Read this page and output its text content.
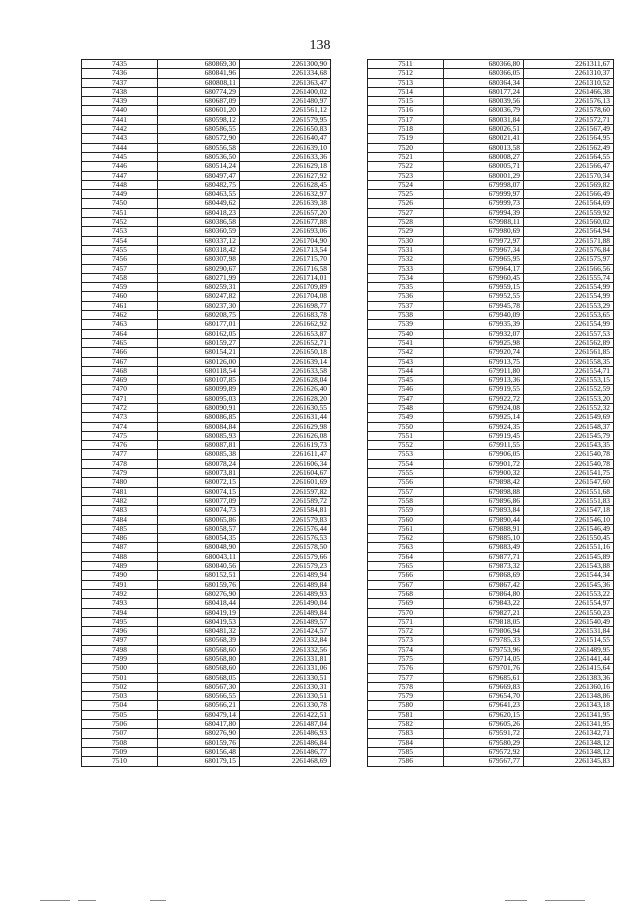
138
7435	680869,30	2261300,90
7436	680841,96	2261334,68
7437	680808,11	2261363,47
7438	680774,29	2261400,02
7439	680687,09	2261480,97
7440	680601,20	2261561,12
7441	680598,12	2261579,95
7442	680586,55	2261650,83
7443	680572,90	2261640,47
7444	680556,58	2261639,10
7445	680536,50	2261633,36
7446	680514,24	2261629,18
7447	680497,47	2261627,92
7448	680482,75	2261628,45
7449	680463,55	2261632,97
7450	680449,62	2261639,38
7451	680418,23	2261657,20
7452	680386,58	2261677,88
7453	680360,59	2261693,06
7454	680337,12	2261704,90
7455	680318,42	2261713,54
7456	680307,98	2261715,70
7457	680290,67	2261716,58
7458	680271,99	2261714,01
7459	680259,31	2261709,89
7460	680247,82	2261704,08
7461	680237,30	2261698,77
7462	680208,75	2261683,78
7463	680177,01	2261662,92
7464	680162,05	2261653,87
7465	680159,27	2261652,71
7466	680154,21	2261650,18
7467	680126,00	2261639,14
7468	680118,54	2261633,58
7469	680107,85	2261628,04
7470	680099,89	2261626,40
7471	680095,03	2261628,20
7472	680090,91	2261630,55
7473	680086,85	2261631,44
7474	680084,84	2261629,98
7475	680085,93	2261626,08
7476	680087,81	2261619,73
7477	680085,38	2261611,47
7478	680078,24	2261606,34
7479	680073,81	2261604,67
7480	680072,15	2261601,69
7481	680074,15	2261597,82
7482	680077,09	2261589,72
7483	680074,73	2261584,81
7484	680065,86	2261579,83
7485	680058,57	2261576,44
7486	680054,35	2261576,53
7487	680048,90	2261578,50
7488	680043,11	2261579,66
7489	680040,56	2261579,23
7490	680152,51	2261489,94
7491	680159,76	2261489,84
7492	680276,90	2261489,93
7493	680418,44	2261490,04
7494	680419,19	2261489,84
7495	680419,53	2261489,57
7496	680481,32	2261424,57
7497	680568,39	2261332,84
7498	680568,60	2261332,56
7499	680568,80	2261331,81
7500	680568,60	2261331,06
7501	680568,05	2261330,51
7502	680567,30	2261330,31
7503	680566,55	2261330,51
7504	680566,21	2261330,78
7505	680479,14	2261422,51
7506	680417,80	2261487,04
7507	680276,90	2261486,93
7508	680159,76	2261486,84
7509	680156,48	2261486,77
7510	680179,15	2261468,69
7511	680366,80	2261311,67
7512	680366,05	2261310,37
7513	680364,34	2261310,52
7514	680177,24	2261466,38
7515	680039,56	2261576,13
7516	680036,79	2261578,60
7517	680031,84	2261572,71
7518	680026,51	2261567,49
7519	680021,41	2261564,95
7520	680013,58	2261562,49
7521	680008,27	2261564,55
7522	680005,71	2261566,47
7523	680001,29	2261570,34
7524	679998,07	2261569,82
7525	679999,97	2261566,49
7526	679999,73	2261564,69
7527	679994,39	2261559,92
7528	679988,11	2261560,02
7529	679980,69	2261564,94
7530	679972,97	2261571,88
7531	679967,34	2261576,84
7532	679965,95	2261575,97
7533	679964,17	2261566,56
7534	679960,45	2261555,74
7535	679959,15	2261554,99
7536	679952,55	2261554,99
7537	679945,78	2261553,29
7538	679940,09	2261553,65
7539	679935,39	2261554,99
7540	679932,07	2261557,53
7541	679925,98	2261562,89
7542	679920,74	2261561,85
7543	679913,75	2261558,35
7544	679911,80	2261554,71
7545	679913,36	2261553,15
7546	679919,55	2261552,59
7547	679922,72	2261553,20
7548	679924,08	2261552,32
7549	679925,14	2261549,69
7550	679924,35	2261548,37
7551	679919,45	2261545,79
7552	679911,55	2261543,35
7553	679906,05	2261540,78
7554	679901,72	2261540,78
7555	679900,32	2261541,75
7556	679898,42	2261547,60
7557	679898,88	2261551,68
7558	679896,86	2261551,83
7559	679893,84	2261547,18
7560	679890,44	2261546,10
7561	679888,91	2261546,49
7562	679885,10	2261550,45
7563	679883,49	2261551,16
7564	679877,71	2261545,89
7565	679873,32	2261543,88
7566	679868,69	2261544,34
7567	679867,42	2261545,36
7568	679864,80	2261553,22
7569	679843,22	2261554,97
7570	679827,21	2261550,23
7571	679818,05	2261540,49
7572	679806,94	2261531,84
7573	679785,33	2261514,55
7574	679753,96	2261489,95
7575	679714,05	2261441,44
7576	679701,76	2261415,64
7577	679685,61	2261383,36
7578	679669,83	2261360,16
7579	679654,70	2261348,86
7580	679641,23	2261343,18
7581	679620,15	2261341,95
7582	679605,26	2261341,95
7583	679591,72	2261342,71
7584	679580,29	2261348,12
7585	679572,92	2261348,12
7586	679567,77	2261345,83
